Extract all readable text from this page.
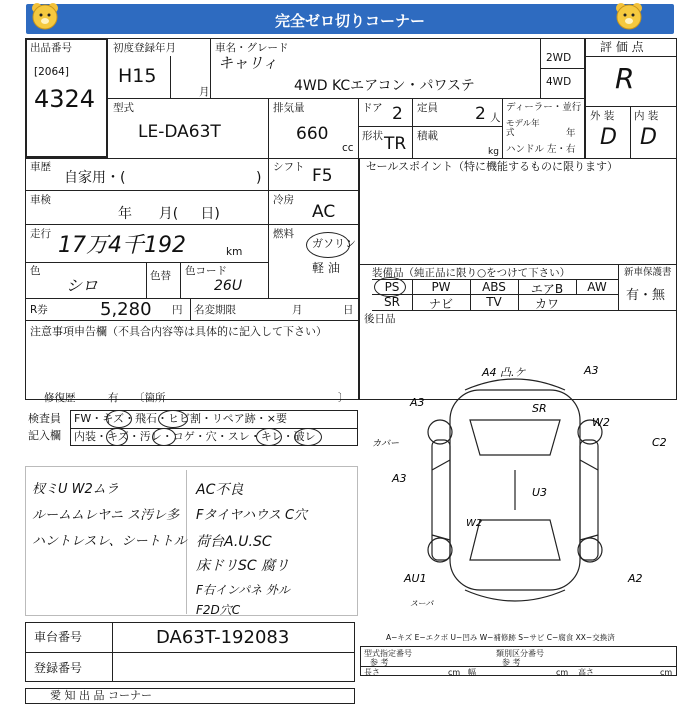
完全ゼロ切りコーナー
出品番号
[2064]
4324
初度登録年月
H15
月
車名・グレード
キャリィ
4WD KCエアコン・パワステ
2WD
4WD
評 価 点
R
外 装 内 装
D D
型式
LE-DA63T
排気量
660
cc
ドア 2 定員 2 人
形状 TR 積載
kg
ディーラー・並行
モデル年式	年
ハンドル 左・右
車歴
自家用・(	)
シフト F5	セールスポイント（特に機能するものに限ります）
車検
年      月(     日)
冷房
AC
走行 17万4千192	km
燃料
ガソリン
軽 油
色
シロ	色替 色コード
26U
R券	5,280 円 名変期限	月	日
装備品（純正品に限り○をつけて下さい）	新車保護書
有・無
PS	PW	ABS	エアB	AW
SR	ナビ	TV	カワ
後日品
注意事項申告欄（不具合内容等は具体的に記入して下さい）
修復歴	有 〔箇所	〕
検査員
記入欄
FW・キズ・飛石・ヒビ割・リペア跡・×要
内装・キズ・汚レ・コゲ・穴・スレ・キレ・破レ
杈ミU W2ムラ
ルームムレヤニ ス汚レ多
ハントレスレ、シートトル
AC不良
Fタイヤハウス C穴
荷台A.U.SC
床ドリSC 腐リ
F右インパネ 外ル
F2D穴C
A4 凸.ケ	A3
SR
A3
W2
カバー	C2
A3
U3
W2
AU1	A2
スーパ
A−キズ E−エクボ U−凹み W−補修跡 S−サビ C−腐食 XX−交換済
車台番号	DA63T-192083
登録番号
型式指定番号
参 考
類別区分番号
参 考
長さ	幅	高さ
cm	cm	cm
愛 知 出 品 コーナー
